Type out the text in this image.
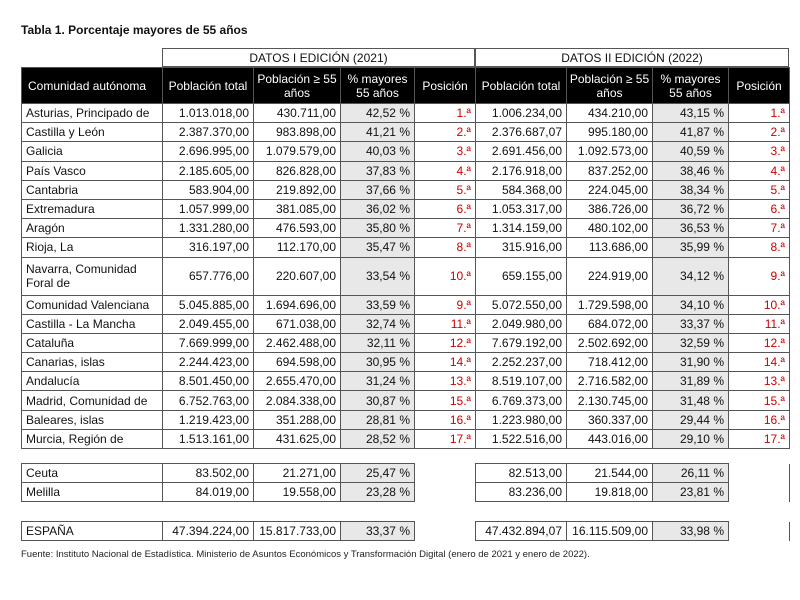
Tabla 1. Porcentaje mayores de 55 años
DATOS I EDICIÓN (2021)	DATOS II EDICIÓN (2022)
Comunidad autónoma	Población total	Población ≥ 55 años	% mayores 55 años	Posición	Población total	Población ≥ 55 años	% mayores 55 años	Posición
Asturias, Principado de	1.013.018,00	430.711,00	42,52 %	1.ª	1.006.234,00	434.210,00	43,15 %	1.ª
Castilla y León	2.387.370,00	983.898,00	41,21 %	2.ª	2.376.687,07	995.180,00	41,87 %	2.ª
Galicia	2.696.995,00	1.079.579,00	40,03 %	3.ª	2.691.456,00	1.092.573,00	40,59 %	3.ª
País Vasco	2.185.605,00	826.828,00	37,83 %	4.ª	2.176.918,00	837.252,00	38,46 %	4.ª
Cantabria	583.904,00	219.892,00	37,66 %	5.ª	584.368,00	224.045,00	38,34 %	5.ª
Extremadura	1.057.999,00	381.085,00	36,02 %	6.ª	1.053.317,00	386.726,00	36,72 %	6.ª
Aragón	1.331.280,00	476.593,00	35,80 %	7.ª	1.314.159,00	480.102,00	36,53 %	7.ª
Rioja, La	316.197,00	112.170,00	35,47 %	8.ª	315.916,00	113.686,00	35,99 %	8.ª
Navarra, Comunidad Foral de	657.776,00	220.607,00	33,54 %	10.ª	659.155,00	224.919,00	34,12 %	9.ª
Comunidad Valenciana	5.045.885,00	1.694.696,00	33,59 %	9.ª	5.072.550,00	1.729.598,00	34,10 %	10.ª
Castilla - La Mancha	2.049.455,00	671.038,00	32,74 %	11.ª	2.049.980,00	684.072,00	33,37 %	11.ª
Cataluña	7.669.999,00	2.462.488,00	32,11 %	12.ª	7.679.192,00	2.502.692,00	32,59 %	12.ª
Canarias, islas	2.244.423,00	694.598,00	30,95 %	14.ª	2.252.237,00	718.412,00	31,90 %	14.ª
Andalucía	8.501.450,00	2.655.470,00	31,24 %	13.ª	8.519.107,00	2.716.582,00	31,89 %	13.ª
Madrid, Comunidad de	6.752.763,00	2.084.338,00	30,87 %	15.ª	6.769.373,00	2.130.745,00	31,48 %	15.ª
Baleares, islas	1.219.423,00	351.288,00	28,81 %	16.ª	1.223.980,00	360.337,00	29,44 %	16.ª
Murcia, Región de	1.513.161,00	431.625,00	28,52 %	17.ª	1.522.516,00	443.016,00	29,10 %	17.ª
Ceuta	83.502,00	21.271,00	25,47 %		82.513,00	21.544,00	26,11 %	
Melilla	84.019,00	19.558,00	23,28 %		83.236,00	19.818,00	23,81 %	
ESPAÑA	47.394.224,00	15.817.733,00	33,37 %		47.432.894,07	16.115.509,00	33,98 %	
Fuente: Instituto Nacional de Estadística. Ministerio de Asuntos Económicos y Transformación Digital (enero de 2021 y enero de 2022).
